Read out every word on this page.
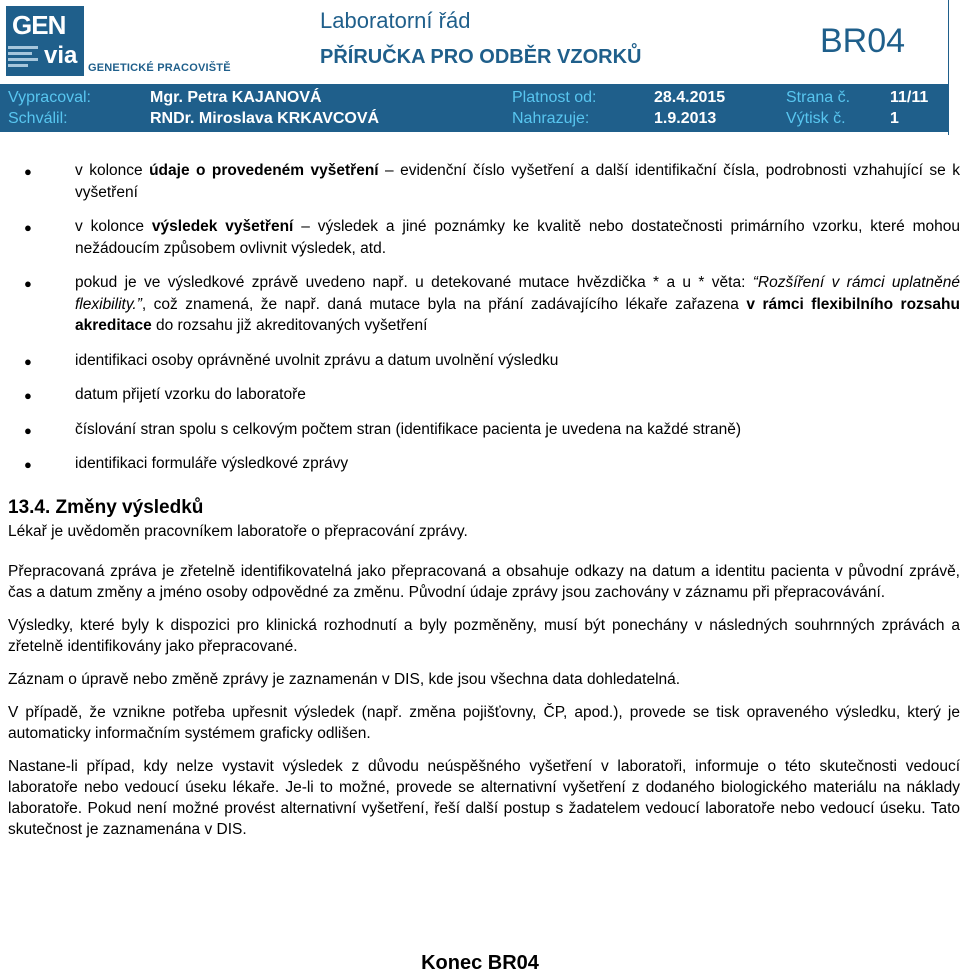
GEN
via GENETICKÉ PRACOVIŠTĚ
Laboratorní řád
PŘÍRUČKA PRO ODBĚR VZORKŮ	BR04
Vypracoval:	Mgr. Petra KAJANOVÁ	Platnost od:	28.4.2015	Strana č. 11/11
Schválil:	RNDr. Miroslava KRKAVCOVÁ	Nahrazuje:	1.9.2013	Výtisk č.	1
●	v kolonce údaje o provedeném vyšetření – evidenční číslo vyšetření a další identifikační čísla, podrobnosti vzhahující se k vyšetření
●	v kolonce výsledek vyšetření – výsledek a jiné poznámky ke kvalitě nebo dostatečnosti primárního vzorku, které mohou nežádoucím způsobem ovlivnit výsledek, atd.
●	pokud je ve výsledkové zprávě uvedeno např. u detekované mutace hvězdička * a u * věta: “Rozšíření v rámci uplatněné flexibility.”, což znamená, že např. daná mutace byla na přání zadávajícího lékaře zařazena v rámci flexibilního rozsahu akreditace do rozsahu již akreditovaných vyšetření
●	identifikaci osoby oprávněné uvolnit zprávu a datum uvolnění výsledku
●	datum přijetí vzorku do laboratoře
●	číslování stran spolu s celkovým počtem stran (identifikace pacienta je uvedena na každé straně)
●	identifikaci formuláře výsledkové zprávy
13.4. Změny výsledků

Lékař je uvědoměn pracovníkem laboratoře o přepracování zprávy.

Přepracovaná zpráva je zřetelně identifikovatelná jako přepracovaná a obsahuje odkazy na datum a identitu pacienta v původní zprávě, čas a datum změny a jméno osoby odpovědné za změnu. Původní údaje zprávy jsou zachovány v záznamu při přepracovávání.

Výsledky, které byly k dispozici pro klinická rozhodnutí a byly pozměněny, musí být ponechány v následných souhrnných zprávách a zřetelně identifikovány jako přepracované.

Záznam o úpravě nebo změně zprávy je zaznamenán v DIS, kde jsou všechna data dohledatelná.

V případě, že vznikne potřeba upřesnit výsledek (např. změna pojišťovny, ČP, apod.), provede se tisk opraveného výsledku, který je automaticky informačním systémem graficky odlišen.

Nastane-li případ, kdy nelze vystavit výsledek z důvodu neúspěšného vyšetření v laboratoři, informuje o této skutečnosti vedoucí laboratoře nebo vedoucí úseku lékaře. Je-li to možné, provede se alternativní vyšetření z dodaného biologického materiálu na náklady laboratoře. Pokud není možné provést alternativní vyšetření, řeší další postup s žadatelem vedoucí laboratoře nebo vedoucí úseku. Tato skutečnost je zaznamenána v DIS.

Konec BR04
